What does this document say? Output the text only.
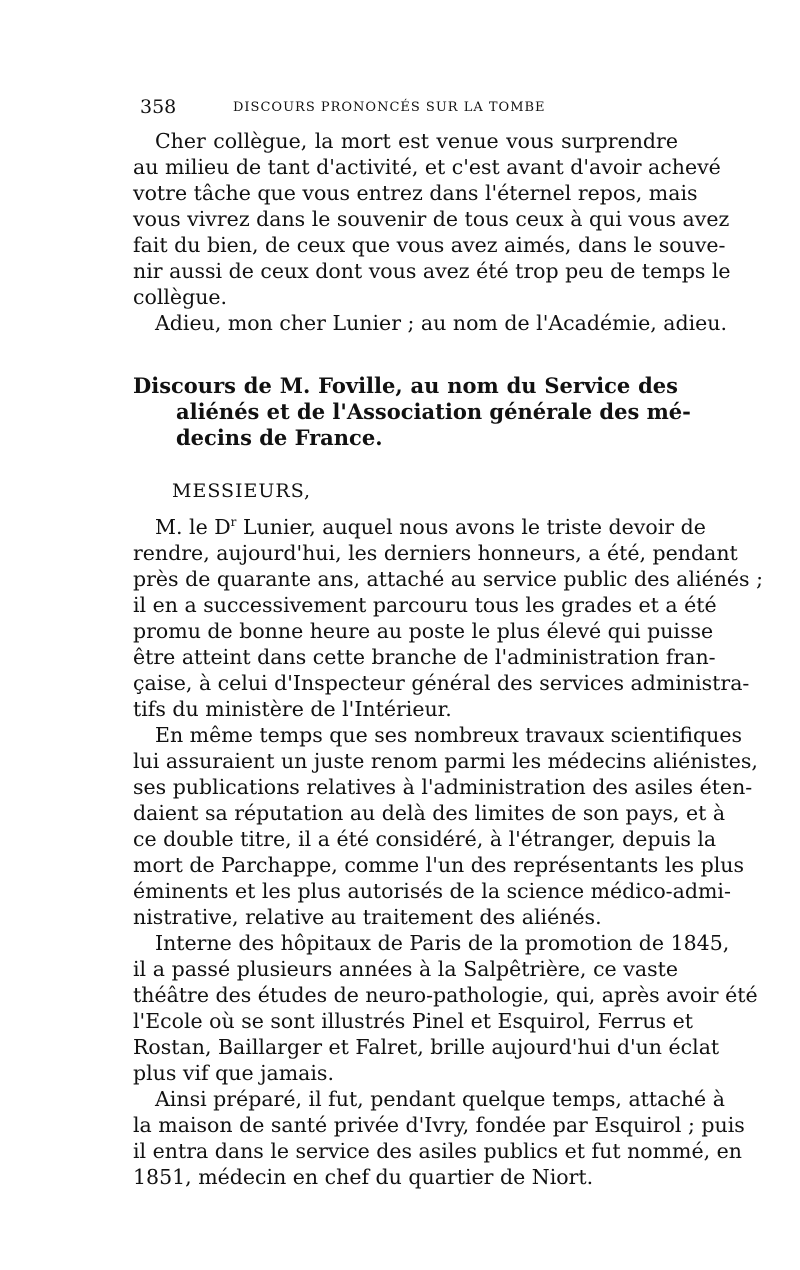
358	DISCOURS PRONONCÉS SUR LA TOMBE
Cher collègue, la mort est venue vous surprendre
au milieu de tant d'activité, et c'est avant d'avoir achevé
votre tâche que vous entrez dans l'éternel repos, mais
vous vivrez dans le souvenir de tous ceux à qui vous avez
fait du bien, de ceux que vous avez aimés, dans le souve-
nir aussi de ceux dont vous avez été trop peu de temps le
collègue.
Adieu, mon cher Lunier ; au nom de l'Académie, adieu.
Discours de M. Foville, au nom du Service des
aliénés et de l'Association générale des mé-
decins de France.
MESSIEURS,
M. le $D^r$ Lunier, auquel nous avons le triste devoir de
rendre, aujourd'hui, les derniers honneurs, a été, pendant
près de quarante ans, attaché au service public des aliénés ;
il en a successivement parcouru tous les grades et a été
promu de bonne heure au poste le plus élevé qui puisse
être atteint dans cette branche de l'administration fran-
çaise, à celui d'Inspecteur général des services administra-
tifs du ministère de l'Intérieur.
En même temps que ses nombreux travaux scientifiques
lui assuraient un juste renom parmi les médecins aliénistes,
ses publications relatives à l'administration des asiles éten-
daient sa réputation au delà des limites de son pays, et à
ce double titre, il a été considéré, à l'étranger, depuis la
mort de Parchappe, comme l'un des représentants les plus
éminents et les plus autorisés de la science médico-admi-
nistrative, relative au traitement des aliénés.
Interne des hôpitaux de Paris de la promotion de 1845,
il a passé plusieurs années à la Salpêtrière, ce vaste
théâtre des études de neuro-pathologie, qui, après avoir été
l'Ecole où se sont illustrés Pinel et Esquirol, Ferrus et
Rostan, Baillarger et Falret, brille aujourd'hui d'un éclat
plus vif que jamais.
Ainsi préparé, il fut, pendant quelque temps, attaché à
la maison de santé privée d'Ivry, fondée par Esquirol ; puis
il entra dans le service des asiles publics et fut nommé, en
1851, médecin en chef du quartier de Niort.
